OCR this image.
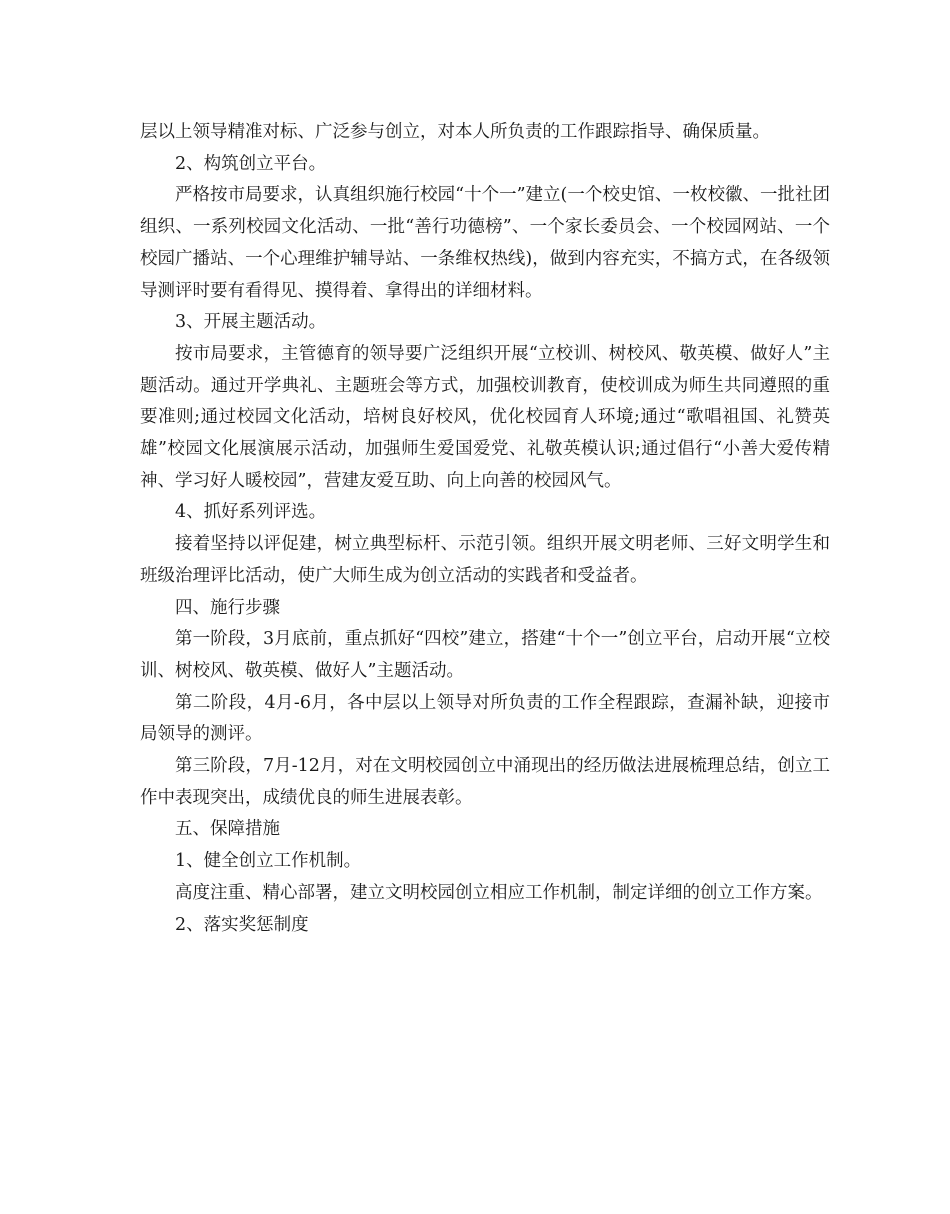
层以上领导精准对标、广泛参与创立，对本人所负责的工作跟踪指导、确保质量。

2、构筑创立平台。

严格按市局要求，认真组织施行校园“十个一”建立(一个校史馆、一枚校徽、一批社团组织、一系列校园文化活动、一批“善行功德榜”、一个家长委员会、一个校园网站、一个校园广播站、一个心理维护辅导站、一条维权热线)，做到内容充实，不搞方式，在各级领导测评时要有看得见、摸得着、拿得出的详细材料。

3、开展主题活动。

按市局要求，主管德育的领导要广泛组织开展“立校训、树校风、敬英模、做好人”主题活动。通过开学典礼、主题班会等方式，加强校训教育，使校训成为师生共同遵照的重要准则;通过校园文化活动，培树良好校风，优化校园育人环境;通过“歌唱祖国、礼赞英雄”校园文化展演展示活动，加强师生爱国爱党、礼敬英模认识;通过倡行“小善大爱传精神、学习好人暖校园”，营建友爱互助、向上向善的校园风气。

4、抓好系列评选。

接着坚持以评促建，树立典型标杆、示范引领。组织开展文明老师、三好文明学生和班级治理评比活动，使广大师生成为创立活动的实践者和受益者。

四、施行步骤

第一阶段，3月底前，重点抓好“四校”建立，搭建“十个一”创立平台，启动开展“立校训、树校风、敬英模、做好人”主题活动。

第二阶段，4月-6月，各中层以上领导对所负责的工作全程跟踪，查漏补缺，迎接市局领导的测评。

第三阶段，7月-12月，对在文明校园创立中涌现出的经历做法进展梳理总结，创立工作中表现突出，成绩优良的师生进展表彰。

五、保障措施

1、健全创立工作机制。

高度注重、精心部署，建立文明校园创立相应工作机制，制定详细的创立工作方案。

2、落实奖惩制度
